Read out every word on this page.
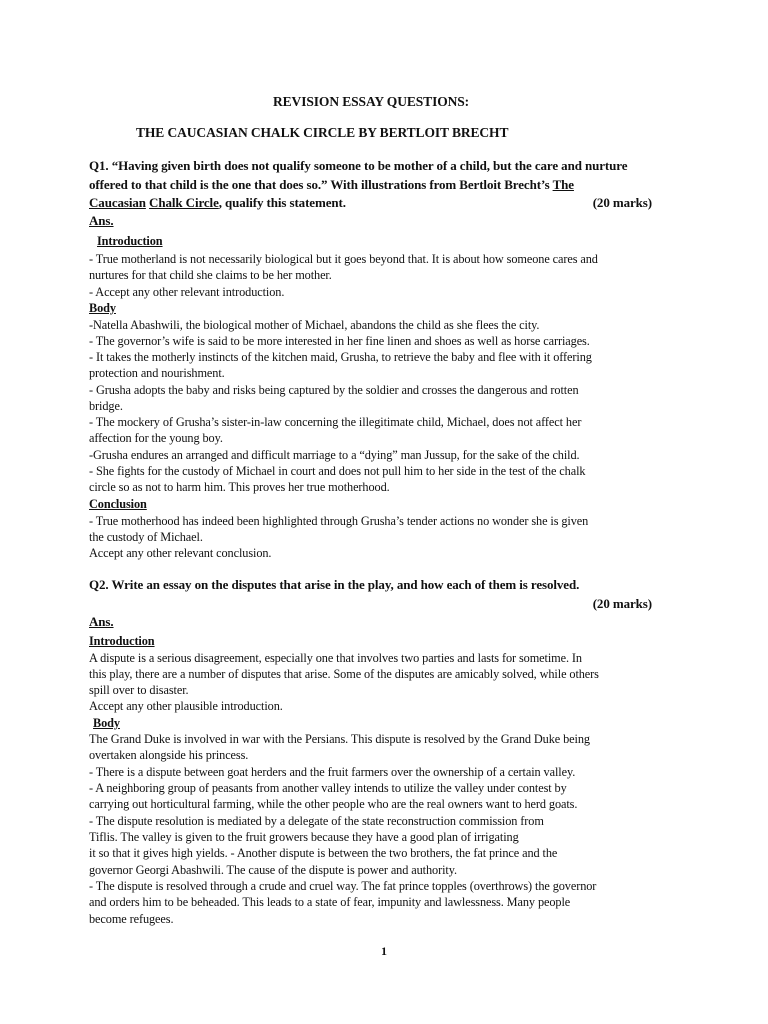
REVISION ESSAY QUESTIONS:
THE CAUCASIAN CHALK CIRCLE BY BERTLOIT BRECHT
Q1. “Having given birth does not qualify someone to be mother of a child, but the care and nurture
offered to that child is the one that does so.” With illustrations from Bertloit Brecht’s The
Caucasian Chalk Circle, qualify this statement.	(20 marks)
Ans.
Introduction
- True motherland is not necessarily biological but it goes beyond that. It is about how someone cares and
nurtures for that child she claims to be her mother.
- Accept any other relevant introduction.
Body
-Natella Abashwili, the biological mother of Michael, abandons the child as she flees the city.
- The governor’s wife is said to be more interested in her fine linen and shoes as well as horse carriages.
- It takes the motherly instincts of the kitchen maid, Grusha, to retrieve the baby and flee with it offering
protection and nourishment.
- Grusha adopts the baby and risks being captured by the soldier and crosses the dangerous and rotten
bridge.
- The mockery of Grusha’s sister-in-law concerning the illegitimate child, Michael, does not affect her
affection for the young boy.
-Grusha endures an arranged and difficult marriage to a “dying” man Jussup, for the sake of the child.
- She fights for the custody of Michael in court and does not pull him to her side in the test of the chalk
circle so as not to harm him. This proves her true motherhood.
Conclusion
- True motherhood has indeed been highlighted through Grusha’s tender actions no wonder she is given
the custody of Michael.
Accept any other relevant conclusion.
Q2. Write an essay on the disputes that arise in the play, and how each of them is resolved.
(20 marks)
Ans.
Introduction
A dispute is a serious disagreement, especially one that involves two parties and lasts for sometime. In
this play, there are a number of disputes that arise. Some of the disputes are amicably solved, while others
spill over to disaster.
Accept any other plausible introduction.
Body
The Grand Duke is involved in war with the Persians. This dispute is resolved by the Grand Duke being
overtaken alongside his princess.
- There is a dispute between goat herders and the fruit farmers over the ownership of a certain valley.
- A neighboring group of peasants from another valley intends to utilize the valley under contest by
carrying out horticultural farming, while the other people who are the real owners want to herd goats.
- The dispute resolution is mediated by a delegate of the state reconstruction commission from
Tiflis. The valley is given to the fruit growers because they have a good plan of irrigating
it so that it gives high yields. - Another dispute is between the two brothers, the fat prince and the
governor Georgi Abashwili. The cause of the dispute is power and authority.
- The dispute is resolved through a crude and cruel way. The fat prince topples (overthrows) the governor
and orders him to be beheaded. This leads to a state of fear, impunity and lawlessness. Many people
become refugees.
1
